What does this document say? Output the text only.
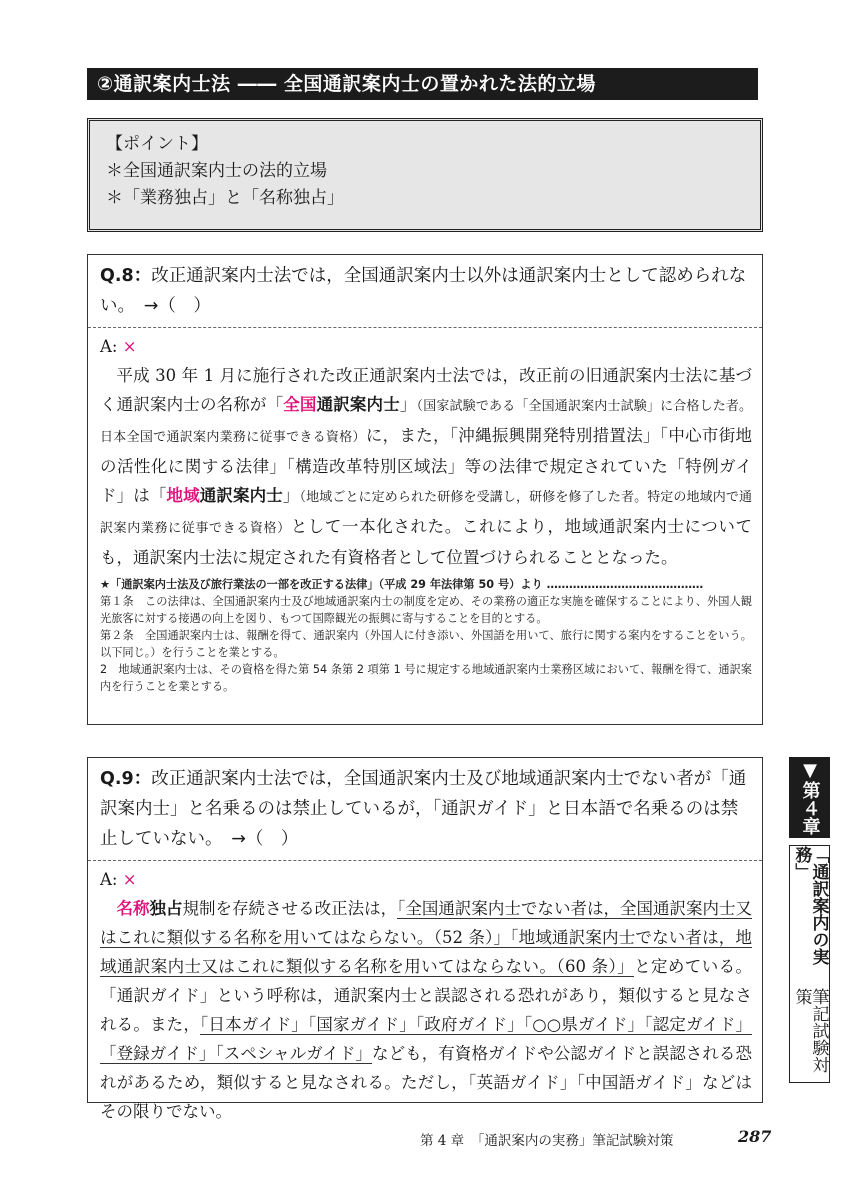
②通訳案内士法 ―― 全国通訳案内士の置かれた法的立場
【ポイント】
＊全国通訳案内士の法的立場
＊「業務独占」と「名称独占」
Q.8：改正通訳案内士法では，全国通訳案内士以外は通訳案内士として認められない。　→（　）
A: ×
平成 30 年 1 月に施行された改正通訳案内士法では，改正前の旧通訳案内士法に基づく通訳案内士の名称が「全国通訳案内士」（国家試験である「全国通訳案内士試験」に合格した者。日本全国で通訳案内業務に従事できる資格）に，また，「沖縄振興開発特別措置法」「中心市街地の活性化に関する法律」「構造改革特別区域法」等の法律で規定されていた「特例ガイド」は「地域通訳案内士」（地域ごとに定められた研修を受講し，研修を修了した者。特定の地域内で通訳案内業務に従事できる資格）として一本化された。これにより，地域通訳案内士についても，通訳案内士法に規定された有資格者として位置づけられることとなった。

★「通訳案内士法及び旅行業法の一部を改正する法律」（平成 29 年法律第 50 号）より ……………………………………

第１条　この法律は、全国通訳案内士及び地域通訳案内士の制度を定め、その業務の適正な実施を確保することにより、外国人観光旅客に対する接遇の向上を図り、もつて国際観光の振興に寄与することを目的とする。

第２条　全国通訳案内士は、報酬を得て、通訳案内（外国人に付き添い、外国語を用いて、旅行に関する案内をすることをいう。以下同じ。）を行うことを業とする。

2　地域通訳案内士は、その資格を得た第 54 条第 2 項第 1 号に規定する地域通訳案内士業務区域において、報酬を得て、通訳案内を行うことを業とする。

Q.9：改正通訳案内士法では，全国通訳案内士及び地域通訳案内士でない者が「通訳案内士」と名乗るのは禁止しているが，「通訳ガイド」と日本語で名乗るのは禁止していない。　→（　）
A: ×
名称独占規制を存続させる改正法は，「全国通訳案内士でない者は，全国通訳案内士又はこれに類似する名称を用いてはならない。（52 条）」「地域通訳案内士でない者は，地域通訳案内士又はこれに類似する名称を用いてはならない。（60 条）」と定めている。「通訳ガイド」という呼称は，通訳案内士と誤認される恐れがあり，類似すると見なされる。また，「日本ガイド」「国家ガイド」「政府ガイド」「○○県ガイド」「認定ガイド」「登録ガイド」「スペシャルガイド」なども，有資格ガイドや公認ガイドと誤認される恐れがあるため，類似すると見なされる。ただし，「英語ガイド」「中国語ガイド」などはその限りでない。
▼第４章
「通訳案内の実務」
筆記試験対策
第 4 章　「通訳案内の実務」筆記試験対策	287
